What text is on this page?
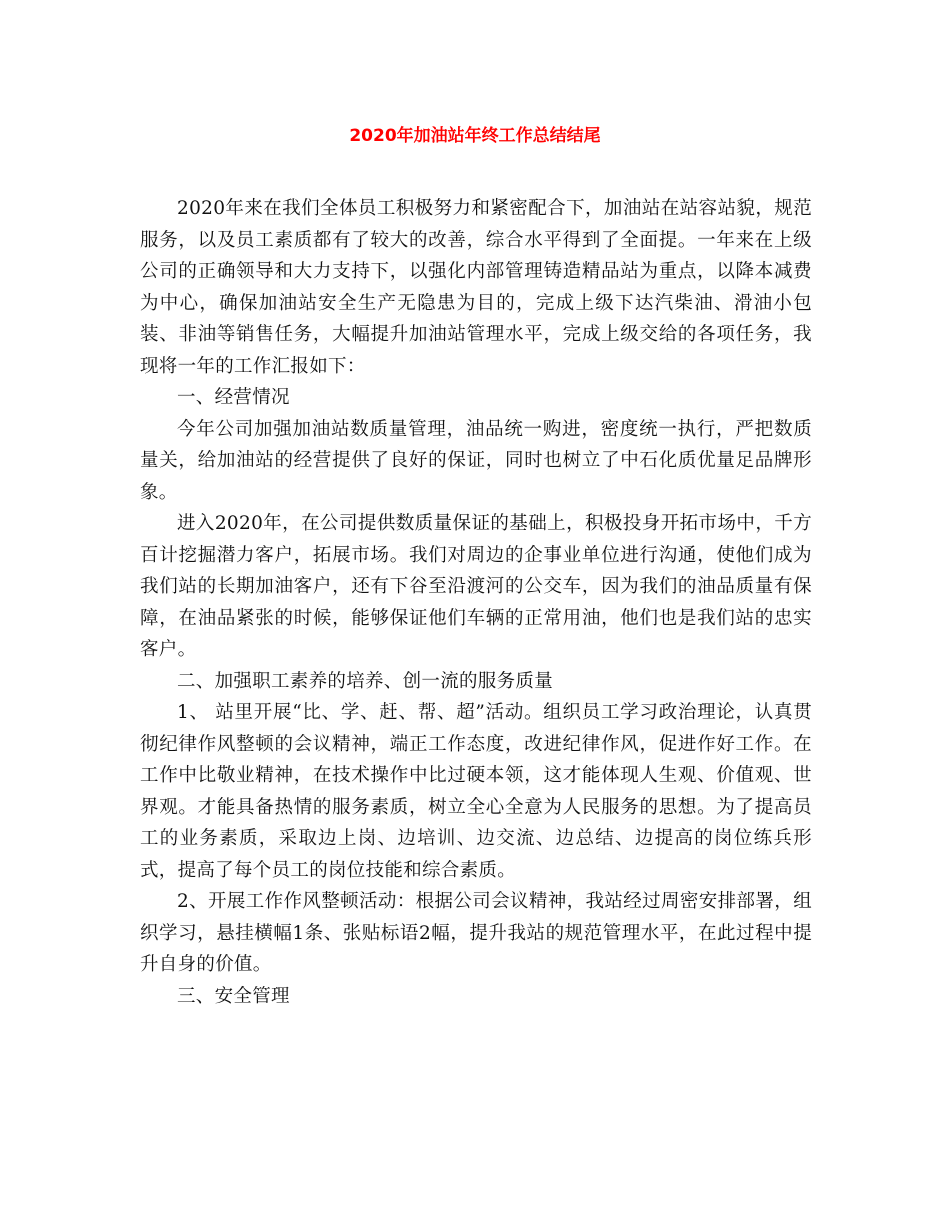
2020年加油站年终工作总结结尾

2020年来在我们全体员工积极努力和紧密配合下，加油站在站容站貌，规范服务，以及员工素质都有了较大的改善，综合水平得到了全面提。一年来在上级公司的正确领导和大力支持下，以强化内部管理铸造精品站为重点，以降本减费为中心，确保加油站安全生产无隐患为目的，完成上级下达汽柴油、滑油小包装、非油等销售任务，大幅提升加油站管理水平，完成上级交给的各项任务，我现将一年的工作汇报如下：

一、经营情况

今年公司加强加油站数质量管理，油品统一购进，密度统一执行，严把数质量关，给加油站的经营提供了良好的保证，同时也树立了中石化质优量足品牌形象。

进入2020年，在公司提供数质量保证的基础上，积极投身开拓市场中，千方百计挖掘潜力客户，拓展市场。我们对周边的企事业单位进行沟通，使他们成为我们站的长期加油客户，还有下谷至沿渡河的公交车，因为我们的油品质量有保障，在油品紧张的时候，能够保证他们车辆的正常用油，他们也是我们站的忠实客户。

二、加强职工素养的培养、创一流的服务质量

1、 站里开展“比、学、赶、帮、超”活动。组织员工学习政治理论，认真贯彻纪律作风整顿的会议精神，端正工作态度，改进纪律作风，促进作好工作。在工作中比敬业精神，在技术操作中比过硬本领，这才能体现人生观、价值观、世界观。才能具备热情的服务素质，树立全心全意为人民服务的思想。为了提高员工的业务素质，采取边上岗、边培训、边交流、边总结、边提高的岗位练兵形式，提高了每个员工的岗位技能和综合素质。

2、开展工作作风整顿活动：根据公司会议精神，我站经过周密安排部署，组织学习，悬挂横幅1条、张贴标语2幅，提升我站的规范管理水平，在此过程中提升自身的价值。

三、安全管理
